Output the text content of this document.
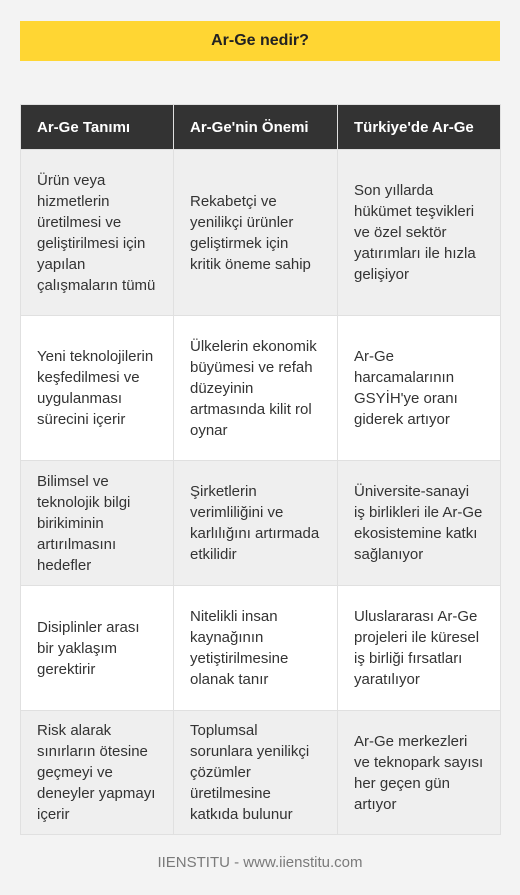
Ar-Ge nedir?
Ar-Ge Tanımı	Ar-Ge'nin Önemi	Türkiye'de Ar-Ge
Ürün veya hizmetlerin üretilmesi ve geliştirilmesi için yapılan çalışmaların tümü	Rekabetçi ve yenilikçi ürünler geliştirmek için kritik öneme sahip	Son yıllarda hükümet teşvikleri ve özel sektör yatırımları ile hızla gelişiyor
Yeni teknolojilerin keşfedilmesi ve uygulanması sürecini içerir	Ülkelerin ekonomik büyümesi ve refah düzeyinin artmasında kilit rol oynar	Ar-Ge harcamalarının GSYİH'ye oranı giderek artıyor
Bilimsel ve teknolojik bilgi birikiminin artırılmasını hedefler	Şirketlerin verimliliğini ve karlılığını artırmada etkilidir	Üniversite-sanayi iş birlikleri ile Ar-Ge ekosistemine katkı sağlanıyor
Disiplinler arası bir yaklaşım gerektirir	Nitelikli insan kaynağının yetiştirilmesine olanak tanır	Uluslararası Ar-Ge projeleri ile küresel iş birliği fırsatları yaratılıyor
Risk alarak sınırların ötesine geçmeyi ve deneyler yapmayı içerir	Toplumsal sorunlara yenilikçi çözümler üretilmesine katkıda bulunur	Ar-Ge merkezleri ve teknopark sayısı her geçen gün artıyor
IIENSTITU - www.iienstitu.com
